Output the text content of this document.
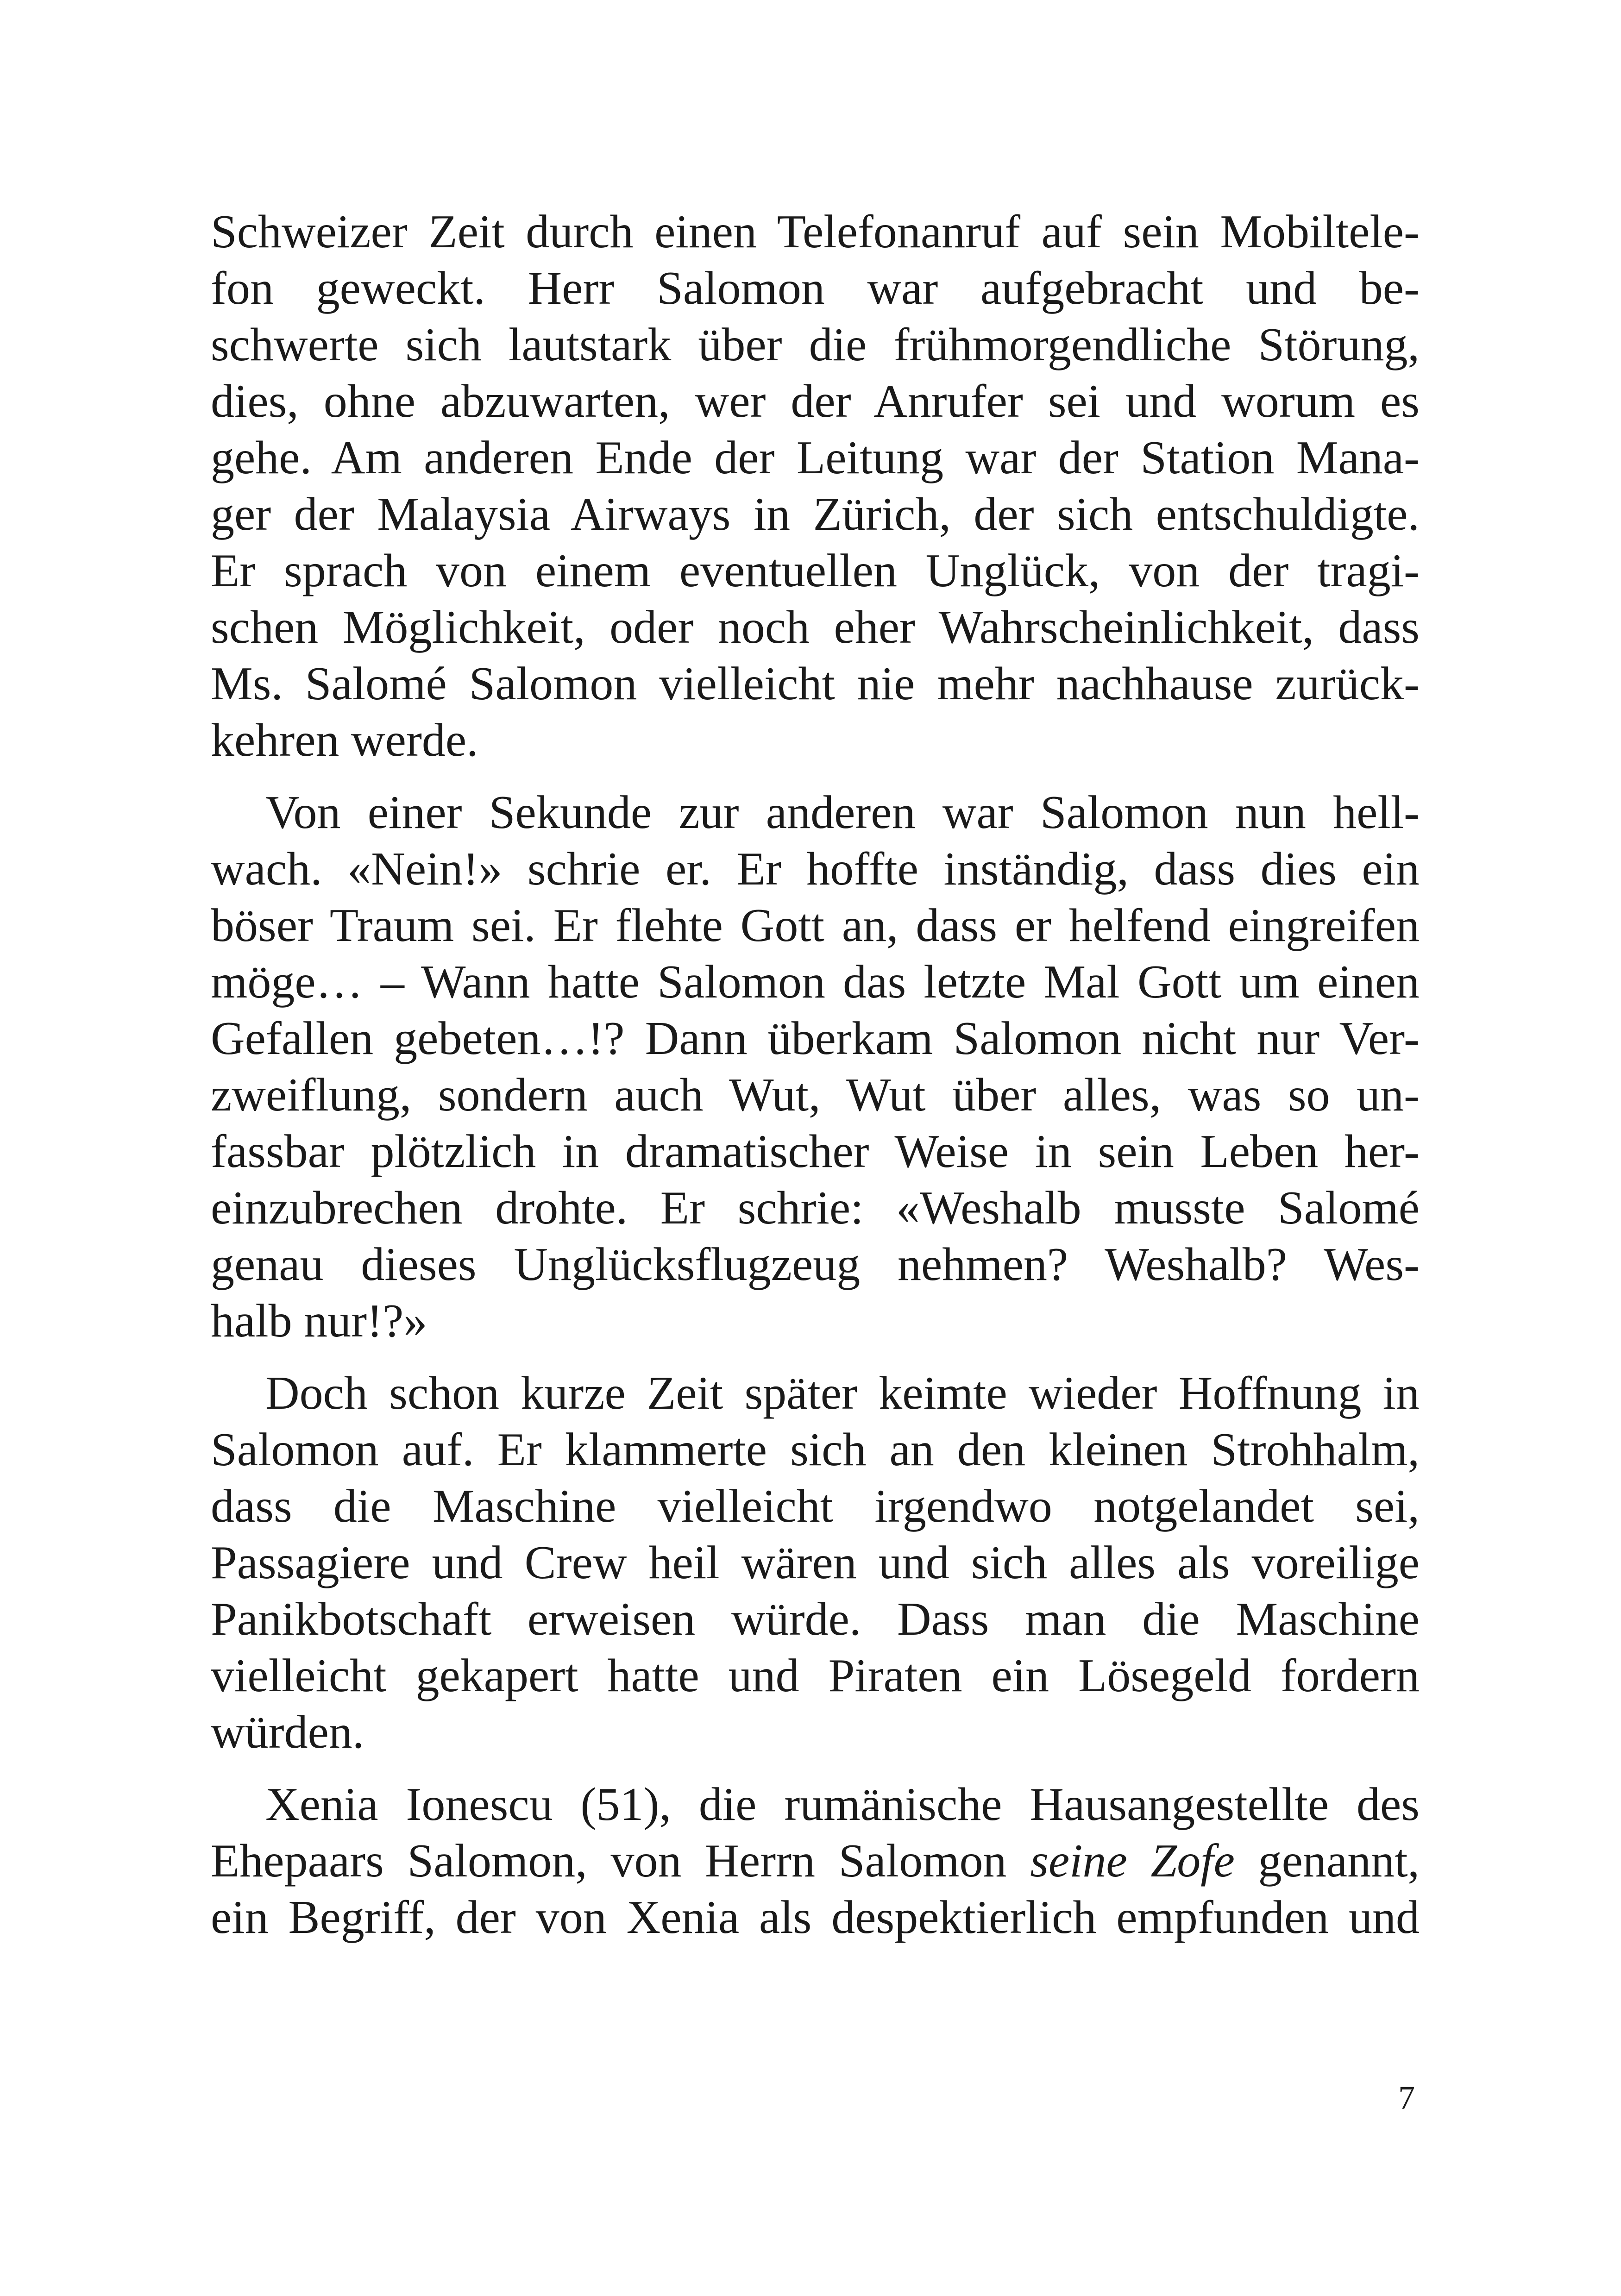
Schweizer Zeit durch einen Telefonanruf auf sein Mobiltele-
fon geweckt. Herr Salomon war aufgebracht und be-
schwerte sich lautstark über die frühmorgendliche Störung,
dies, ohne abzuwarten, wer der Anrufer sei und worum es
gehe. Am anderen Ende der Leitung war der Station Mana-
ger der Malaysia Airways in Zürich, der sich entschuldigte.
Er sprach von einem eventuellen Unglück, von der tragi-
schen Möglichkeit, oder noch eher Wahrscheinlichkeit, dass
Ms. Salomé Salomon vielleicht nie mehr nachhause zurück-
kehren werde.
Von einer Sekunde zur anderen war Salomon nun hell-
wach. «Nein!» schrie er. Er hoffte inständig, dass dies ein
böser Traum sei. Er flehte Gott an, dass er helfend eingreifen
möge… – Wann hatte Salomon das letzte Mal Gott um einen
Gefallen gebeten…!? Dann überkam Salomon nicht nur Ver-
zweiflung, sondern auch Wut, Wut über alles, was so un-
fassbar plötzlich in dramatischer Weise in sein Leben her-
einzubrechen drohte. Er schrie: «Weshalb musste Salomé
genau dieses Unglücksflugzeug nehmen? Weshalb? Wes-
halb nur!?»
Doch schon kurze Zeit später keimte wieder Hoffnung in
Salomon auf. Er klammerte sich an den kleinen Strohhalm,
dass die Maschine vielleicht irgendwo notgelandet sei,
Passagiere und Crew heil wären und sich alles als voreilige
Panikbotschaft erweisen würde. Dass man die Maschine
vielleicht gekapert hatte und Piraten ein Lösegeld fordern
würden.
Xenia Ionescu (51), die rumänische Hausangestellte des
Ehepaars Salomon, von Herrn Salomon seine Zofe genannt,
ein Begriff, der von Xenia als despektierlich empfunden und
7
